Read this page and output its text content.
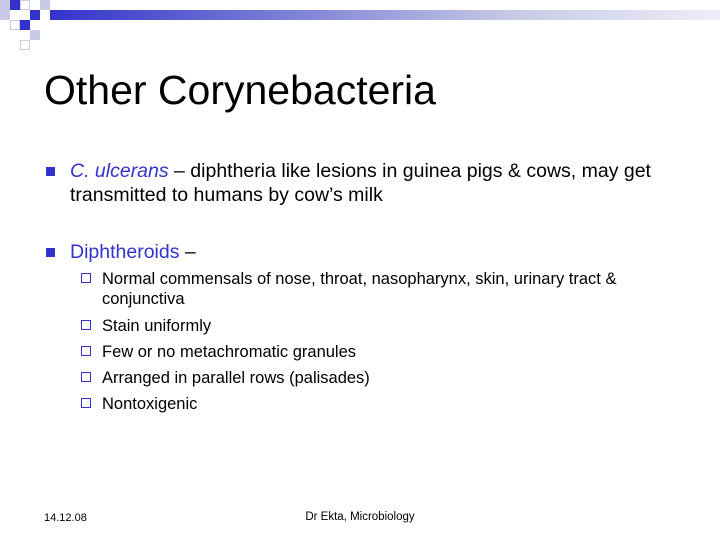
Other Corynebacteria
C. ulcerans – diphtheria like lesions in guinea pigs & cows, may get transmitted to humans by cow’s milk
Diphtheroids –
Normal commensals of nose, throat, nasopharynx, skin, urinary tract & conjunctiva
Stain uniformly
Few or no metachromatic granules
Arranged in parallel rows (palisades)
Nontoxigenic
14.12.08	Dr Ekta, Microbiology
